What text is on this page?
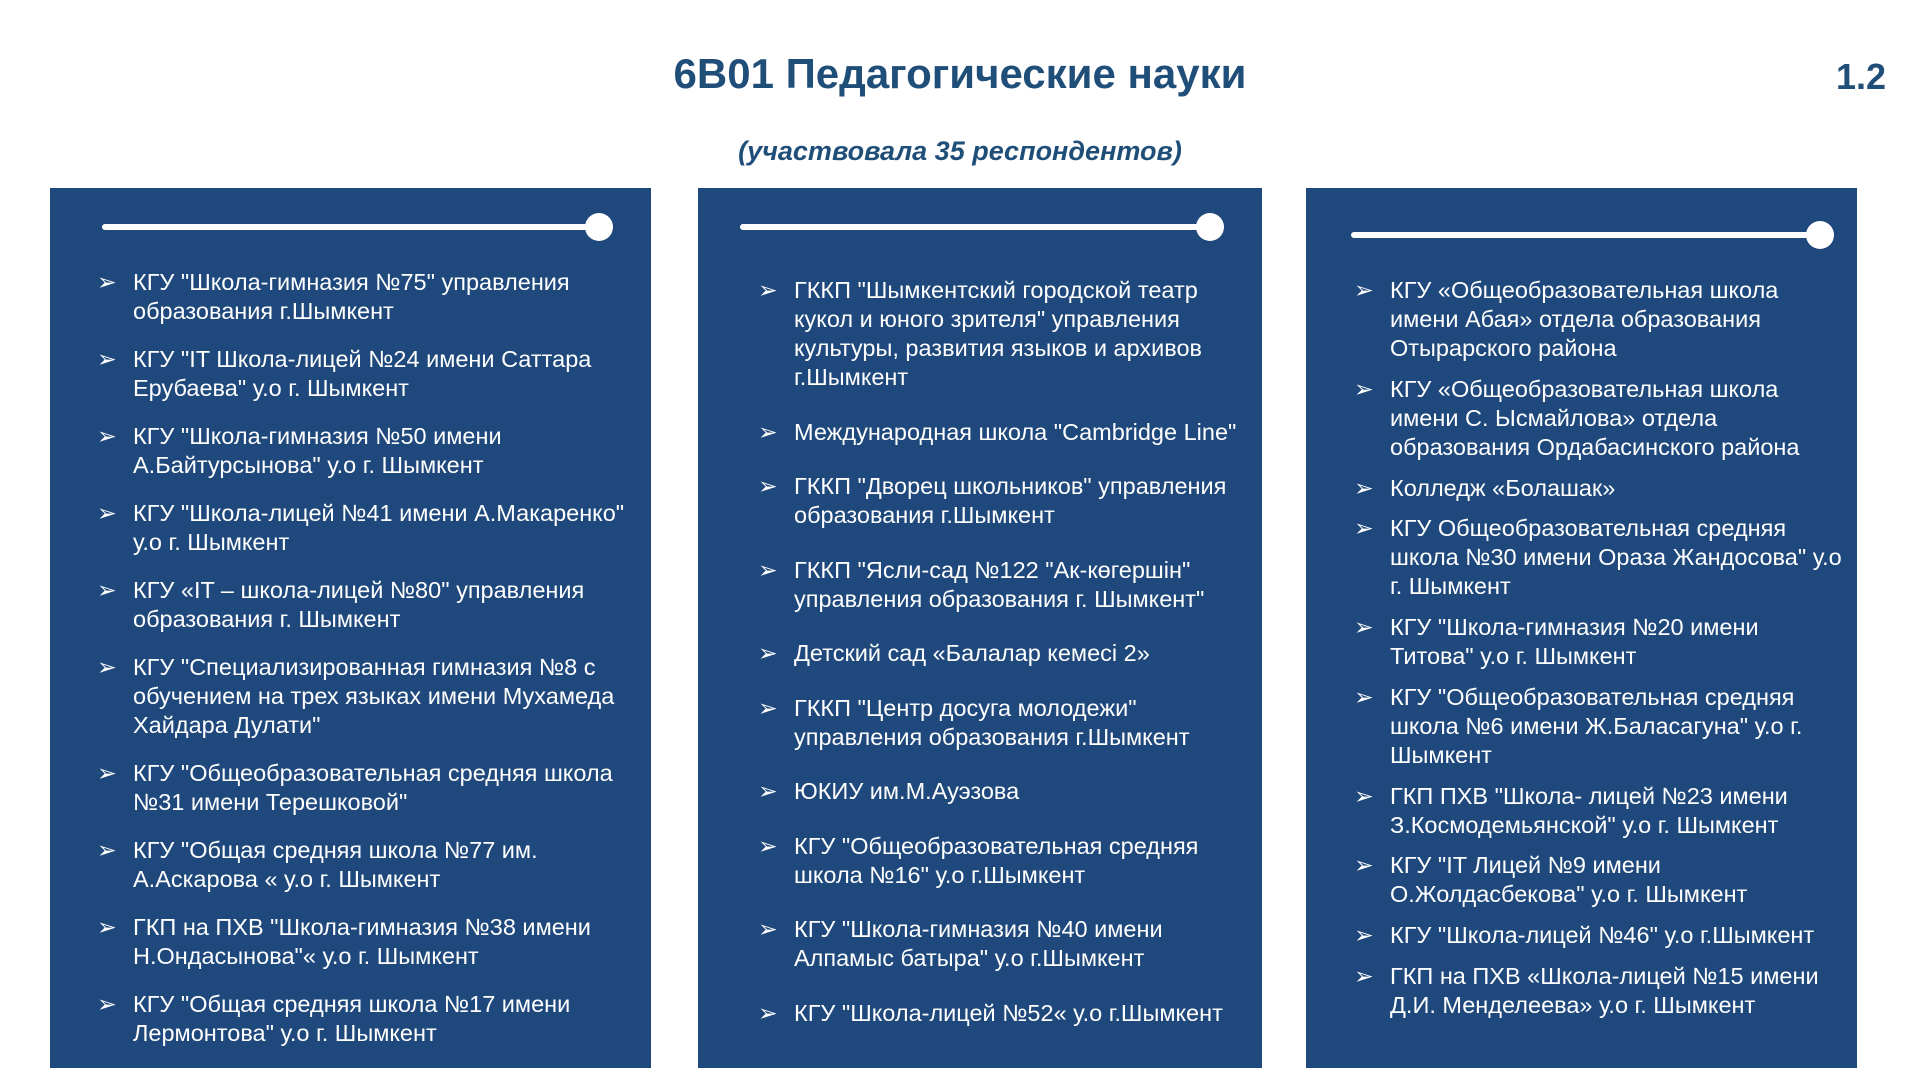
6В01 Педагогические науки	1.2
(участвовала 35 респондентов)
➢ КГУ "Школа-гимназия №75" управления образования г.Шымкент
➢ КГУ "IT Школа-лицей №24 имени Саттара Ерубаева" у.о г. Шымкент
➢ КГУ "Школа-гимназия №50 имени А.Байтурсынова" у.о г. Шымкент
➢ КГУ "Школа-лицей №41 имени А.Макаренко" у.о г. Шымкент
➢ КГУ «IT – школа-лицей №80" управления образования г. Шымкент
➢ КГУ "Специализированная гимназия №8 с обучением на трех языках имени Мухамеда Хайдара Дулати"
➢ КГУ "Общеобразовательная средняя школа №31 имени Терешковой"
➢ КГУ "Общая средняя школа №77 им. А.Аскарова « у.о г. Шымкент
➢ ГКП на ПХВ "Школа-гимназия №38 имени Н.Ондасынова"« у.о г. Шымкент
➢ КГУ "Общая средняя школа №17 имени Лермонтова" у.о г. Шымкент
➢ ГККП "Шымкентский городской театр кукол и юного зрителя" управления культуры, развития языков и архивов г.Шымкент
➢ Международная школа "Cambridge Line"
➢ ГККП "Дворец школьников" управления образования г.Шымкент
➢ ГККП "Ясли-сад №122 "Ак-көгершін" управления образования г. Шымкент"
➢ Детский сад «Балалар кемесі 2»
➢ ГККП "Центр досуга молодежи" управления образования г.Шымкент
➢ ЮКИУ им.М.Ауэзова
➢ КГУ "Общеобразовательная средняя школа №16" у.о г.Шымкент
➢ КГУ "Школа-гимназия №40 имени Алпамыс батыра" у.о г.Шымкент
➢ КГУ "Школа-лицей №52« у.о г.Шымкент
➢ КГУ «Общеобразовательная школа имени Абая» отдела образования Отырарского района
➢ КГУ «Общеобразовательная школа имени С. Ысмайлова» отдела образования Ордабасинского района
➢ Колледж «Болашак»
➢ КГУ Общеобразовательная средняя школа №30 имени Ораза Жандосова" у.о г. Шымкент
➢ КГУ "Школа-гимназия №20 имени Титова" у.о г. Шымкент
➢ КГУ "Общеобразовательная средняя школа №6 имени Ж.Баласагуна" у.о г. Шымкент
➢ ГКП ПХВ "Школа- лицей №23 имени З.Космодемьянской" у.о г. Шымкент
➢ КГУ "IT Лицей №9 имени О.Жолдасбекова" у.о г. Шымкент
➢ КГУ "Школа-лицей №46" у.о г.Шымкент
➢ ГКП на ПХВ «Школа-лицей №15 имени Д.И. Менделеева» у.о г. Шымкент
